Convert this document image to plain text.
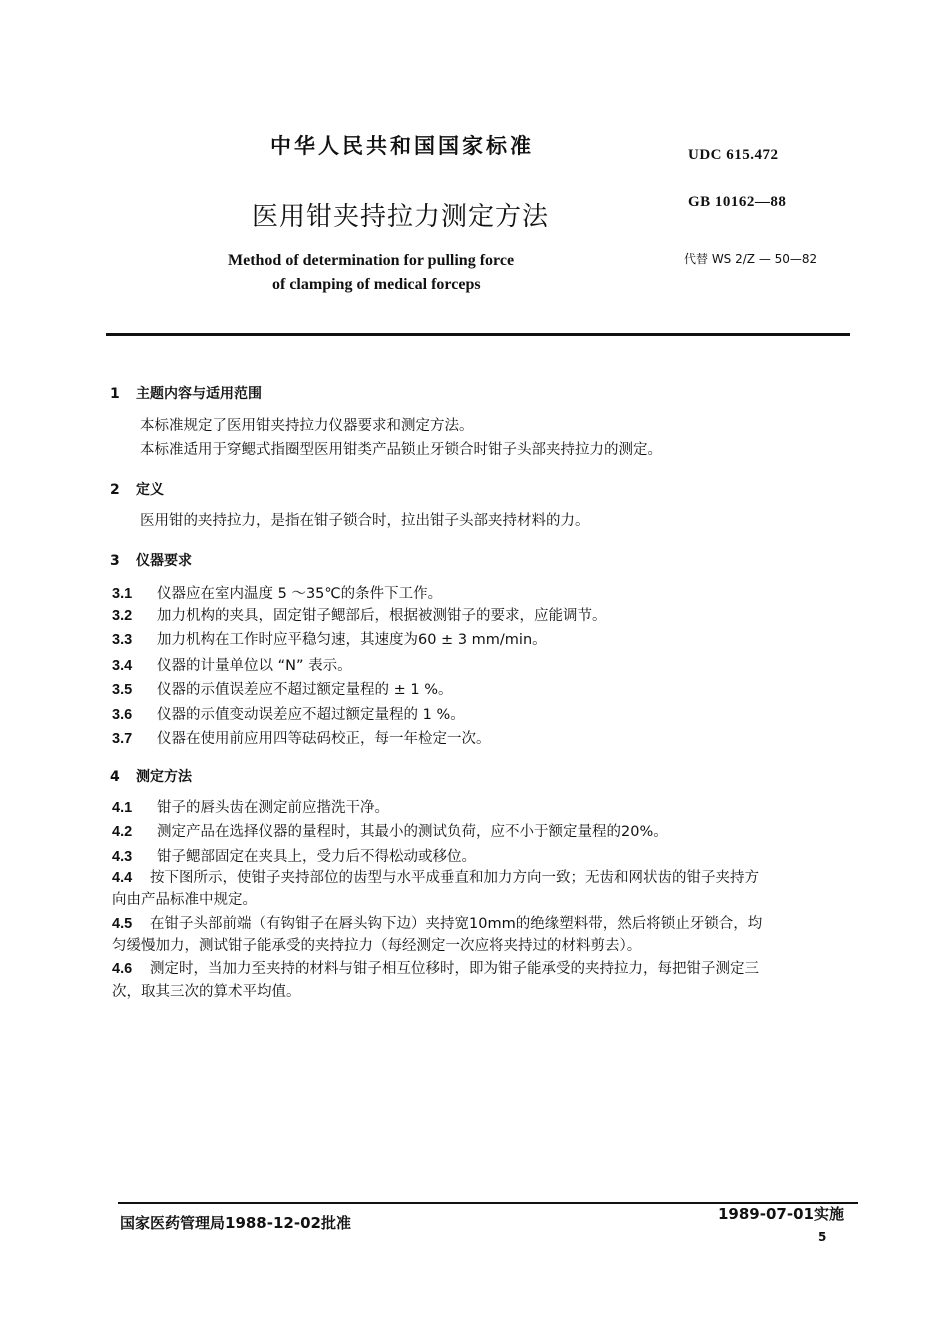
中华人民共和国国家标准	UDC 615.472
医用钳夹持拉力测定方法	GB 10162—88
Method of determination for pulling force
of clamping of medical forceps
代替 WS 2/Z — 50—82
1 主题内容与适用范围
本标准规定了医用钳夹持拉力仪器要求和测定方法。
本标准适用于穿鳃式指圈型医用钳类产品锁止牙锁合时钳子头部夹持拉力的测定。
2 定义
医用钳的夹持拉力，是指在钳子锁合时，拉出钳子头部夹持材料的力。
3 仪器要求
3.1 仪器应在室内温度 5 ～35℃的条件下工作。
3.2 加力机构的夹具，固定钳子鳃部后，根据被测钳子的要求，应能调节。
3.3 加力机构在工作时应平稳匀速，其速度为60 ± 3 mm/min。
3.4 仪器的计量单位以 “N” 表示。
3.5 仪器的示值误差应不超过额定量程的 ± 1 %。
3.6 仪器的示值变动误差应不超过额定量程的 1 %。
3.7 仪器在使用前应用四等砝码校正，每一年检定一次。
4 测定方法
4.1 钳子的唇头齿在测定前应揩洗干净。
4.2 测定产品在选择仪器的量程时，其最小的测试负荷，应不小于额定量程的20%。
4.3 钳子鳃部固定在夹具上，受力后不得松动或移位。
4.4 按下图所示，使钳子夹持部位的齿型与水平成垂直和加力方向一致；无齿和网状齿的钳子夹持方
向由产品标准中规定。
4.5 在钳子头部前端（有钩钳子在唇头钩下边）夹持宽10mm的绝缘塑料带，然后将锁止牙锁合，均
匀缓慢加力，测试钳子能承受的夹持拉力（每经测定一次应将夹持过的材料剪去）。
4.6 测定时，当加力至夹持的材料与钳子相互位移时，即为钳子能承受的夹持拉力，每把钳子测定三
次，取其三次的算术平均值。
国家医药管理局1988-12-02批准	1989-07-01实施
5
